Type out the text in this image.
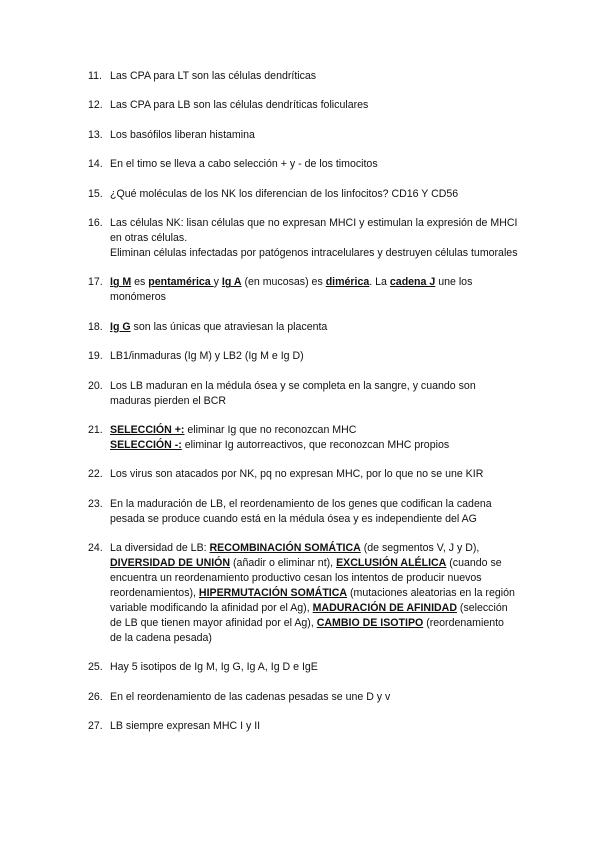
11. Las CPA para LT son las células dendríticas
12. Las CPA para LB son las células dendríticas foliculares
13. Los basófilos liberan histamina
14. En el timo se lleva a cabo selección + y - de los timocitos
15. ¿Qué moléculas de los NK los diferencian de los linfocitos? CD16 Y CD56
16. Las células NK: lisan células que no expresan MHCI y estimulan la expresión de MHCI en otras células.
Eliminan células infectadas por patógenos intracelulares y destruyen células tumorales
17. Ig M es pentamérica y Ig A (en mucosas) es dimérica. La cadena J une los monómeros
18. Ig G son las únicas que atraviesan la placenta
19. LB1/inmaduras (Ig M) y LB2 (Ig M e Ig D)
20. Los LB maduran en la médula ósea y se completa en la sangre, y cuando son maduras pierden el BCR
21. SELECCIÓN +: eliminar Ig que no reconozcan MHC
SELECCIÓN -: eliminar Ig autorreactivos, que reconozcan MHC propios
22. Los virus son atacados por NK, pq no expresan MHC, por lo que no se une KIR
23. En la maduración de LB, el reordenamiento de los genes que codifican la cadena pesada se produce cuando está en la médula ósea y es independiente del AG
24. La diversidad de LB: RECOMBINACIÓN SOMÁTICA (de segmentos V, J y D), DIVERSIDAD DE UNIÓN (añadir o eliminar nt), EXCLUSIÓN ALÉLICA (cuando se encuentra un reordenamiento productivo cesan los intentos de producir nuevos reordenamientos), HIPERMUTACIÓN SOMÁTICA (mutaciones aleatorias en la región variable modificando la afinidad por el Ag), MADURACIÓN DE AFINIDAD (selección de LB que tienen mayor afinidad por el Ag), CAMBIO DE ISOTIPO (reordenamiento de la cadena pesada)
25. Hay 5 isotipos de Ig M, Ig G, Ig A, Ig D e IgE
26. En el reordenamiento de las cadenas pesadas se une D y v
27. LB siempre expresan MHC I y II
